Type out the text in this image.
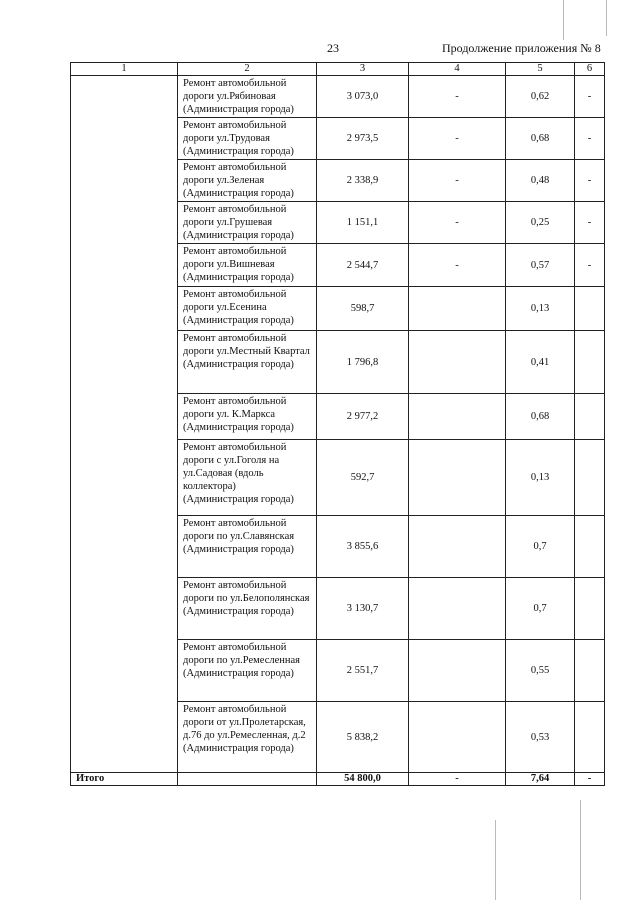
23	Продолжение приложения № 8
1	2	3	4	5	6
	Ремонт автомобильной дороги ул.Рябиновая (Администрация города)	3 073,0	-	0,62	-
	Ремонт автомобильной дороги ул.Трудовая (Администрация города)	2 973,5	-	0,68	-
	Ремонт автомобильной дороги ул.Зеленая (Администрация города)	2 338,9	-	0,48	-
	Ремонт автомобильной дороги ул.Грушевая (Администрация города)	1 151,1	-	0,25	-
	Ремонт автомобильной дороги ул.Вишневая (Администрация города)	2 544,7	-	0,57	-
	Ремонт автомобильной дороги ул.Есенина (Администрация города)	598,7		0,13	
	Ремонт автомобильной дороги ул.Местный Квартал (Администрация города)	1 796,8		0,41	
	Ремонт автомобильной дороги ул. К.Маркса (Администрация города)	2 977,2		0,68	
	Ремонт автомобильной дороги с ул.Гоголя на ул.Садовая (вдоль коллектора) (Администрация города)	592,7		0,13	
	Ремонт автомобильной дороги по ул.Славянская (Администрация города)	3 855,6		0,7	
	Ремонт автомобильной дороги по ул.Белополянская (Администрация города)	3 130,7		0,7	
	Ремонт автомобильной дороги по ул.Ремесленная (Администрация города)	2 551,7		0,55	
	Ремонт автомобильной дороги от ул.Пролетарская, д.76 до ул.Ремесленная, д.2 (Администрация города)	5 838,2		0,53	
Итого		54 800,0	-	7,64	-
